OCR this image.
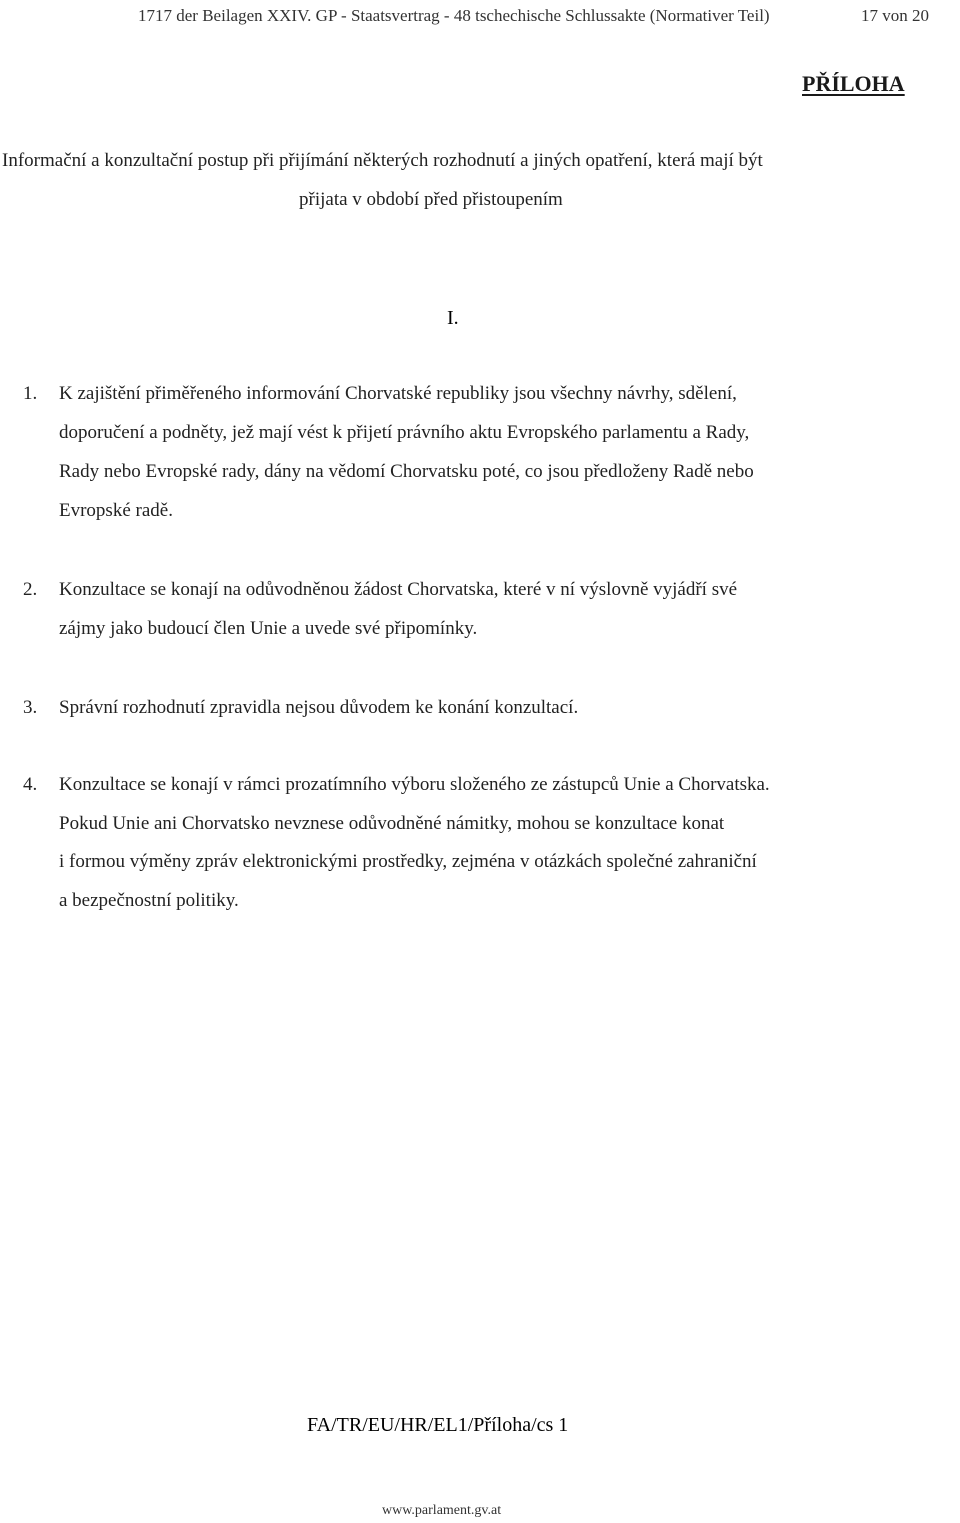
1717 der Beilagen XXIV. GP - Staatsvertrag - 48 tschechische Schlussakte (Normativer Teil)	17 von 20
PŘÍLOHA
Informační a konzultační postup při přijímání některých rozhodnutí a jiných opatření, která mají být
přijata v období před přistoupením
I.
1. K zajištění přiměřeného informování Chorvatské republiky jsou všechny návrhy, sdělení,
doporučení a podněty, jež mají vést k přijetí právního aktu Evropského parlamentu a Rady,
Rady nebo Evropské rady, dány na vědomí Chorvatsku poté, co jsou předloženy Radě nebo
Evropské radě.
2. Konzultace se konají na odůvodněnou žádost Chorvatska, které v ní výslovně vyjádří své
zájmy jako budoucí člen Unie a uvede své připomínky.
3. Správní rozhodnutí zpravidla nejsou důvodem ke konání konzultací.
4. Konzultace se konají v rámci prozatímního výboru složeného ze zástupců Unie a Chorvatska.
Pokud Unie ani Chorvatsko nevznese odůvodněné námitky, mohou se konzultace konat
i formou výměny zpráv elektronickými prostředky, zejména v otázkách společné zahraniční
a bezpečnostní politiky.
FA/TR/EU/HR/EL1/Příloha/cs 1
www.parlament.gv.at
